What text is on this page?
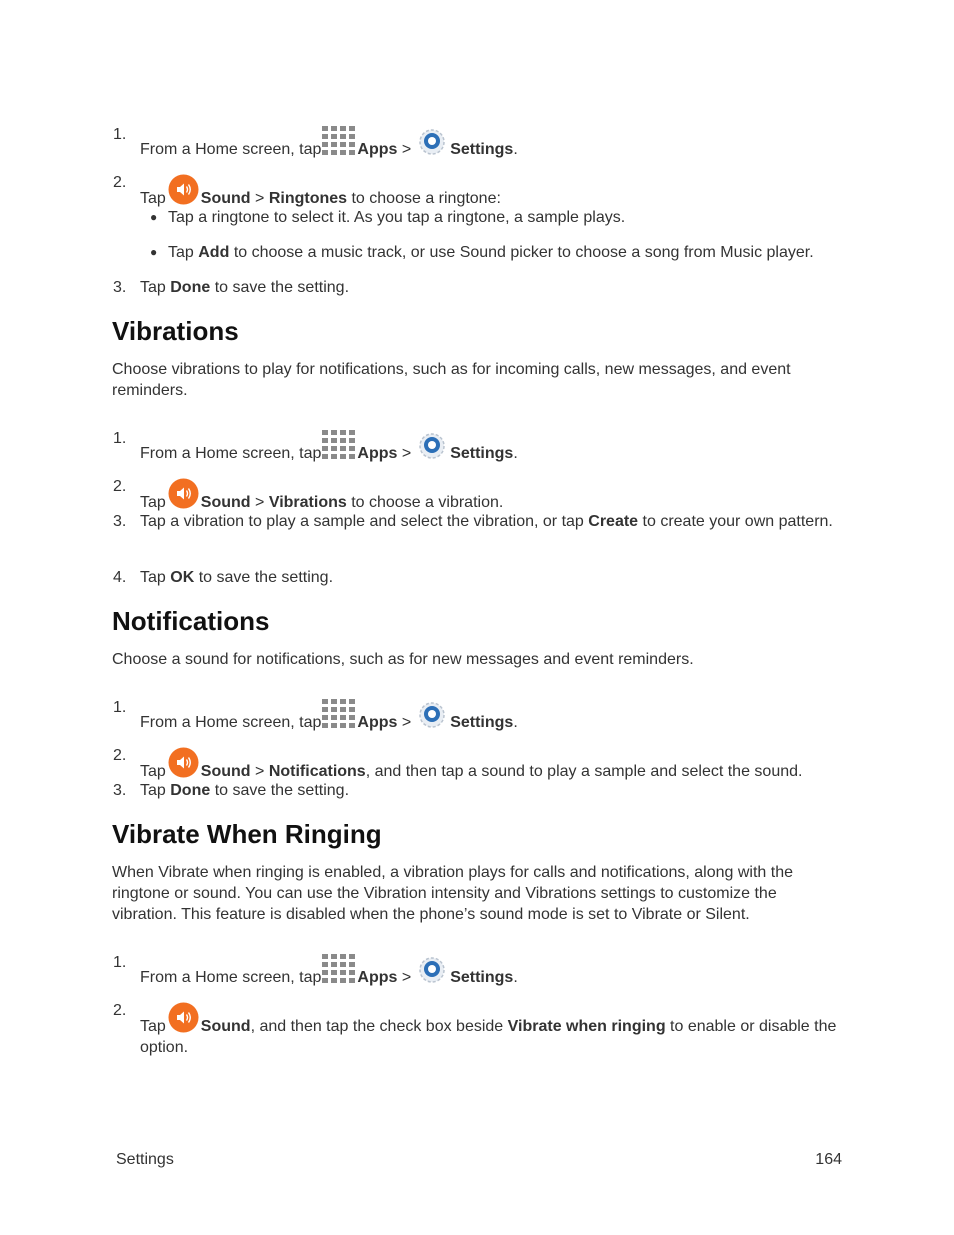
1.
From a Home screen, tap Apps > Settings.
2.
Tap Sound > Ringtones to choose a ringtone:
● Tap a ringtone to select it. As you tap a ringtone, a sample plays.
● Tap Add to choose a music track, or use Sound picker to choose a song from Music player.
3. Tap Done to save the setting.
Vibrations
Choose vibrations to play for notifications, such as for incoming calls, new messages, and event reminders.
1.
From a Home screen, tap Apps > Settings.
2.
Tap Sound > Vibrations to choose a vibration.
3. Tap a vibration to play a sample and select the vibration, or tap Create to create your own pattern.
4. Tap OK to save the setting.
Notifications
Choose a sound for notifications, such as for new messages and event reminders.
1.
From a Home screen, tap Apps > Settings.
2.
Tap Sound > Notifications, and then tap a sound to play a sample and select the sound.
3. Tap Done to save the setting.
Vibrate When Ringing
When Vibrate when ringing is enabled, a vibration plays for calls and notifications, along with the ringtone or sound. You can use the Vibration intensity and Vibrations settings to customize the vibration. This feature is disabled when the phone’s sound mode is set to Vibrate or Silent.
1.
From a Home screen, tap Apps > Settings.
2.
Tap Sound, and then tap the check box beside Vibrate when ringing to enable or disable the option.
Settings	164
